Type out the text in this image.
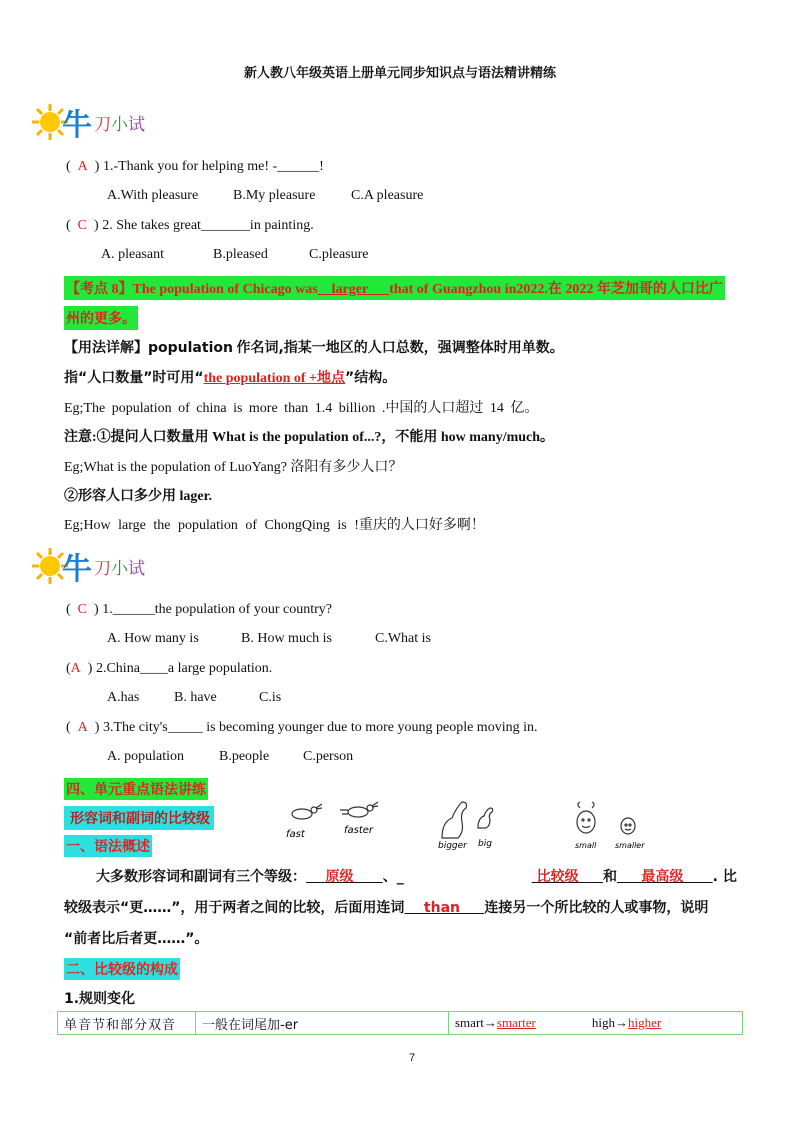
新人教八年级英语上册单元同步知识点与语法精讲精练
牛 刀 小 试
(  A  ) 1.-Thank you for helping me! -______!
A.With pleasure B.My pleasure	C.A pleasure
(  C  ) 2. She takes great_______in painting.
A. pleasant	B.pleased	C.pleasure
【考点 8】The population of Chicago was__larger___that of Guangzhou in2022.在 2022 年芝加哥的人口比广
州的更多。
【用法详解】population 作名词,指某一地区的人口总数，强调整体时用单数。
指“人口数量”时可用“the population of +地点”结构。
Eg;The population of china is more than 1.4 billion .中国的人口超过 14 亿。
注意:①提问人口数量用 What is the population of...?，不能用 how many/much。
Eg;What is the population of LuoYang? 洛阳有多少人口？
②形容人口多少用 lager.
Eg;How large the population of ChongQing is !重庆的人口好多啊！
牛 刀 小 试
(  C  ) 1.______the population of your country?
A. How many is	B. How much is	C.What is
(A  ) 2.China____a large population.
A.has B. have	C.is
(  A  ) 3.The city's_____ is becoming younger due to more young people moving in.
A. population	B.people C.person
四、单元重点语法讲练
形容词和副词的比较级
fast	faster
bigger big	small smaller
一、语法概述
大多数形容词和副词有三个等级： 原级 、_	比较级 和 最高级 . 比
较级表示“更……”，用于两者之间的比较，后面用连词 than 连接另一个所比较的人或事物，说明
“前者比后者更……”。
二、比较级的构成
1.规则变化
单音节和部分双音	一般在词尾加-er	smart→smarter	high→higher
7
